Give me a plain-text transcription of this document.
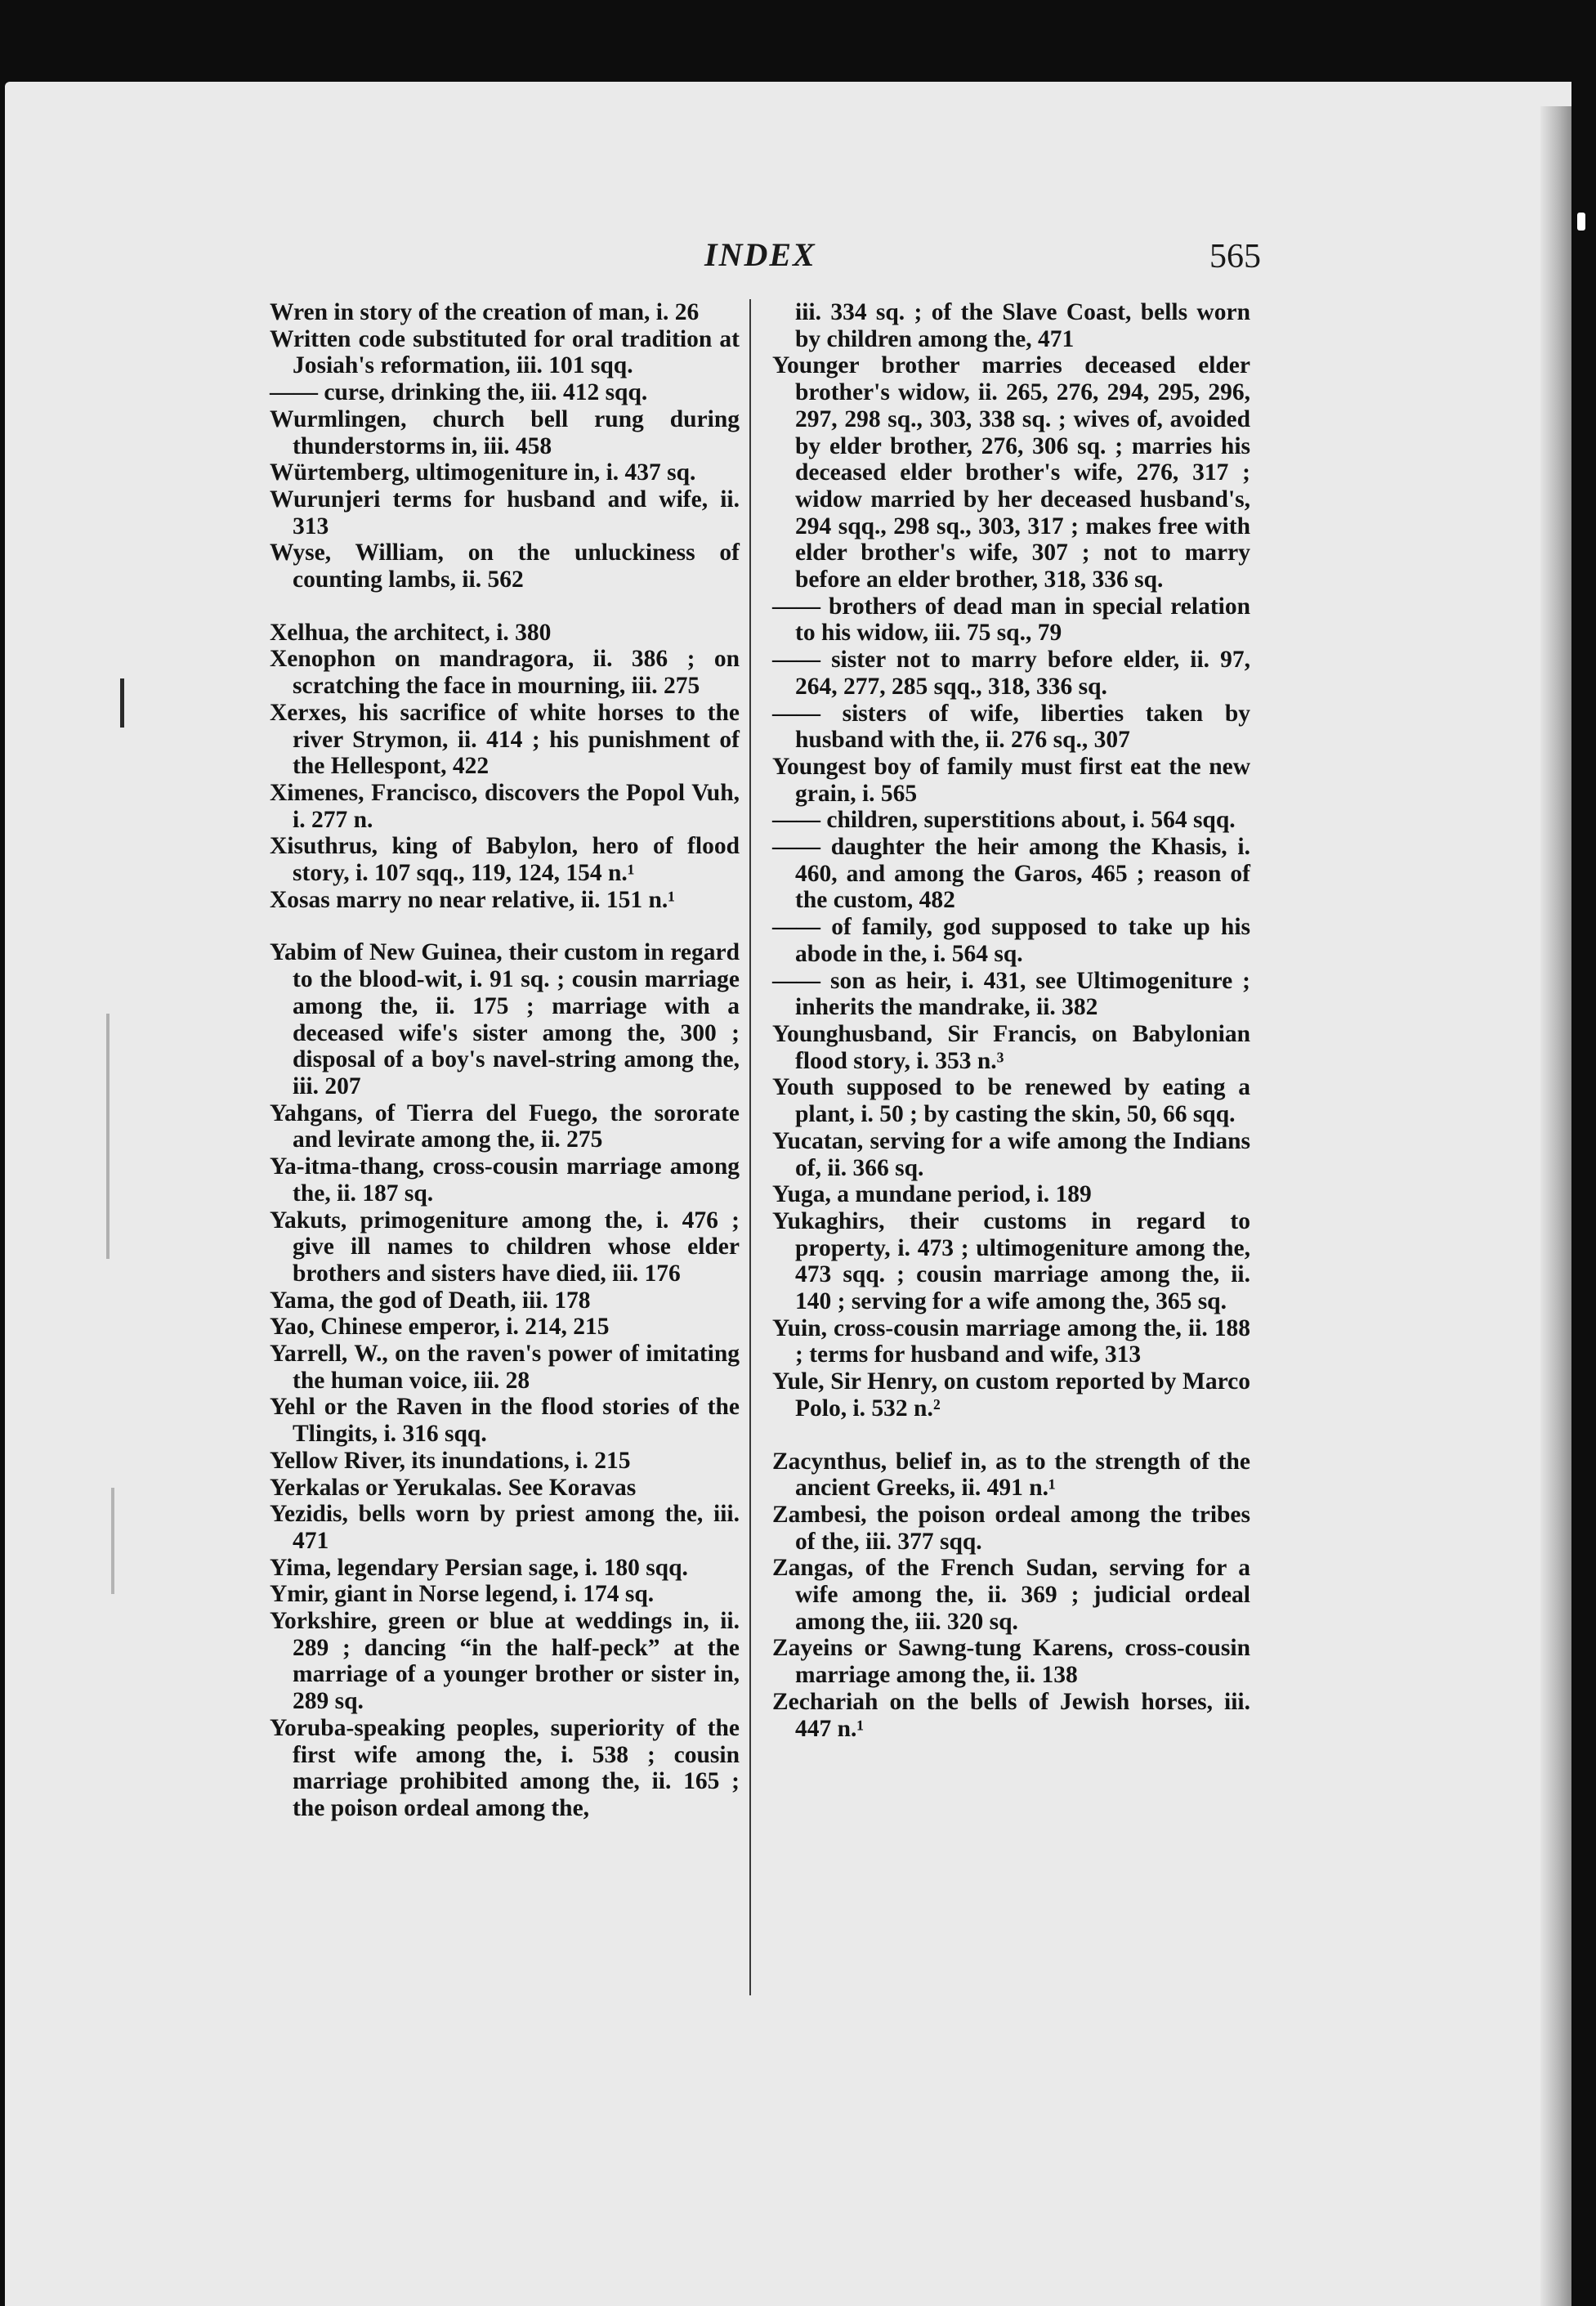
INDEX	565
Wren in story of the creation of man, i. 26
Written code substituted for oral tradition at Josiah's reformation, iii. 101 sqq.
—— curse, drinking the, iii. 412 sqq.
Wurmlingen, church bell rung during thunderstorms in, iii. 458
Würtemberg, ultimogeniture in, i. 437 sq.
Wurunjeri terms for husband and wife, ii. 313
Wyse, William, on the unluckiness of counting lambs, ii. 562
Xelhua, the architect, i. 380
Xenophon on mandragora, ii. 386 ; on scratching the face in mourning, iii. 275
Xerxes, his sacrifice of white horses to the river Strymon, ii. 414 ; his punishment of the Hellespont, 422
Ximenes, Francisco, discovers the Popol Vuh, i. 277 n.
Xisuthrus, king of Babylon, hero of flood story, i. 107 sqq., 119, 124, 154 n.¹
Xosas marry no near relative, ii. 151 n.¹
Yabim of New Guinea, their custom in regard to the blood-wit, i. 91 sq. ; cousin marriage among the, ii. 175 ; marriage with a deceased wife's sister among the, 300 ; disposal of a boy's navel-string among the, iii. 207
Yahgans, of Tierra del Fuego, the sororate and levirate among the, ii. 275
Ya-itma-thang, cross-cousin marriage among the, ii. 187 sq.
Yakuts, primogeniture among the, i. 476 ; give ill names to children whose elder brothers and sisters have died, iii. 176
Yama, the god of Death, iii. 178
Yao, Chinese emperor, i. 214, 215
Yarrell, W., on the raven's power of imitating the human voice, iii. 28
Yehl or the Raven in the flood stories of the Tlingits, i. 316 sqq.
Yellow River, its inundations, i. 215
Yerkalas or Yerukalas. See Koravas
Yezidis, bells worn by priest among the, iii. 471
Yima, legendary Persian sage, i. 180 sqq.
Ymir, giant in Norse legend, i. 174 sq.
Yorkshire, green or blue at weddings in, ii. 289 ; dancing “in the half-peck” at the marriage of a younger brother or sister in, 289 sq.
Yoruba-speaking peoples, superiority of the first wife among the, i. 538 ; cousin marriage prohibited among the, ii. 165 ; the poison ordeal among the,
iii. 334 sq. ; of the Slave Coast, bells worn by children among the, 471
Younger brother marries deceased elder brother's widow, ii. 265, 276, 294, 295, 296, 297, 298 sq., 303, 338 sq. ; wives of, avoided by elder brother, 276, 306 sq. ; marries his deceased elder brother's wife, 276, 317 ; widow married by her deceased husband's, 294 sqq., 298 sq., 303, 317 ; makes free with elder brother's wife, 307 ; not to marry before an elder brother, 318, 336 sq.
—— brothers of dead man in special relation to his widow, iii. 75 sq., 79
—— sister not to marry before elder, ii. 97, 264, 277, 285 sqq., 318, 336 sq.
—— sisters of wife, liberties taken by husband with the, ii. 276 sq., 307
Youngest boy of family must first eat the new grain, i. 565
—— children, superstitions about, i. 564 sqq.
—— daughter the heir among the Khasis, i. 460, and among the Garos, 465 ; reason of the custom, 482
—— of family, god supposed to take up his abode in the, i. 564 sq.
—— son as heir, i. 431, see Ultimogeniture ; inherits the mandrake, ii. 382
Younghusband, Sir Francis, on Babylonian flood story, i. 353 n.³
Youth supposed to be renewed by eating a plant, i. 50 ; by casting the skin, 50, 66 sqq.
Yucatan, serving for a wife among the Indians of, ii. 366 sq.
Yuga, a mundane period, i. 189
Yukaghirs, their customs in regard to property, i. 473 ; ultimogeniture among the, 473 sqq. ; cousin marriage among the, ii. 140 ; serving for a wife among the, 365 sq.
Yuin, cross-cousin marriage among the, ii. 188 ; terms for husband and wife, 313
Yule, Sir Henry, on custom reported by Marco Polo, i. 532 n.²
Zacynthus, belief in, as to the strength of the ancient Greeks, ii. 491 n.¹
Zambesi, the poison ordeal among the tribes of the, iii. 377 sqq.
Zangas, of the French Sudan, serving for a wife among the, ii. 369 ; judicial ordeal among the, iii. 320 sq.
Zayeins or Sawng-tung Karens, cross-cousin marriage among the, ii. 138
Zechariah on the bells of Jewish horses, iii. 447 n.¹
